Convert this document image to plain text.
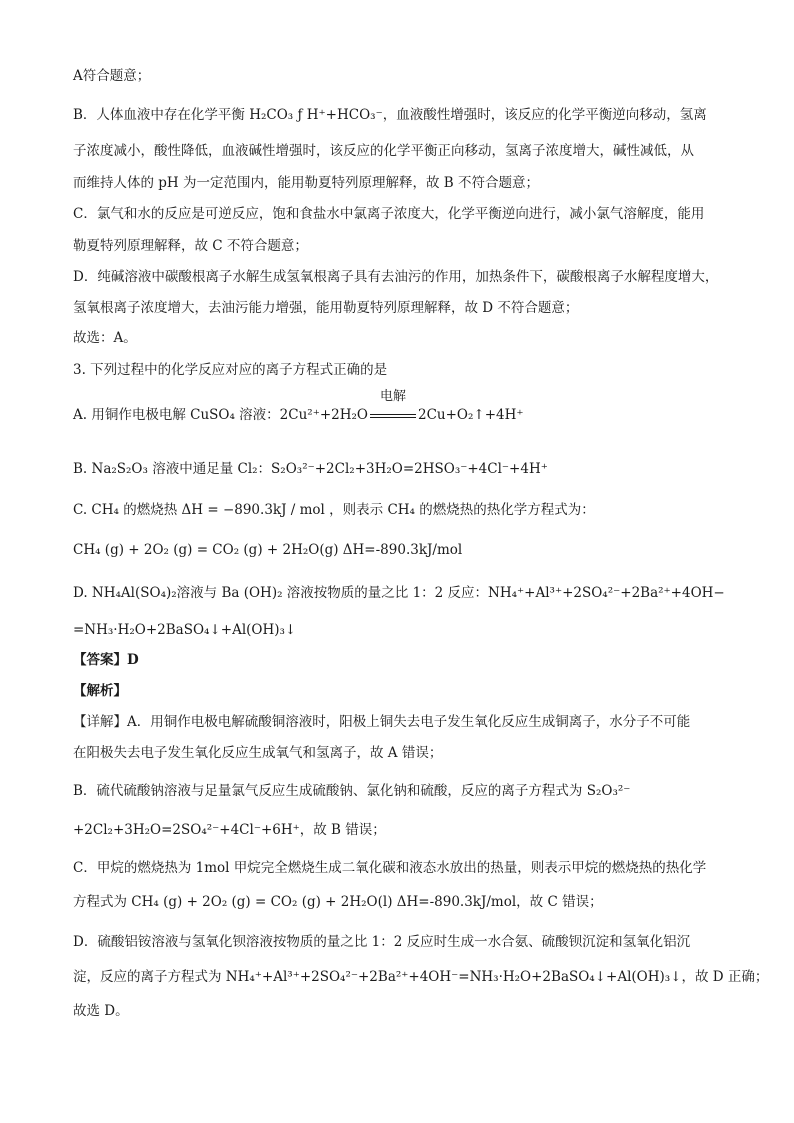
A符合题意；
B．人体血液中存在化学平衡 H₂CO₃ ƒ H⁺+HCO₃⁻，血液酸性增强时，该反应的化学平衡逆向移动，氢离
子浓度减小，酸性降低，血液碱性增强时，该反应的化学平衡正向移动，氢离子浓度增大，碱性减低，从
而维持人体的 pH 为一定范围内，能用勒夏特列原理解释，故 B 不符合题意；
C．氯气和水的反应是可逆反应，饱和食盐水中氯离子浓度大，化学平衡逆向进行，减小氯气溶解度，能用
勒夏特列原理解释，故 C 不符合题意；
D．纯碱溶液中碳酸根离子水解生成氢氧根离子具有去油污的作用，加热条件下，碳酸根离子水解程度增大，
氢氧根离子浓度增大，去油污能力增强，能用勒夏特列原理解释，故 D 不符合题意；
故选：A。
3. 下列过程中的化学反应对应的离子方程式正确的是
A. 用铜作电极电解 CuSO₄ 溶液：2Cu²⁺+2H₂O
电解
2Cu+O₂↑+4H⁺
B. Na₂S₂O₃ 溶液中通足量 Cl₂：S₂O₃²⁻+2Cl₂+3H₂O=2HSO₃⁻+4Cl⁻+4H⁺
C. CH₄ 的燃烧热 ΔH = −890.3kJ / mol ，则表示 CH₄ 的燃烧热的热化学方程式为：
CH₄ (g) + 2O₂ (g) = CO₂ (g) + 2H₂O(g) ΔH=-890.3kJ/mol
D. NH₄Al(SO₄)₂溶液与 Ba (OH)₂ 溶液按物质的量之比 1：2 反应：NH₄⁺+Al³⁺+2SO₄²⁻+2Ba²⁺+4OH−
=NH₃·H₂O+2BaSO₄↓+Al(OH)₃↓
【答案】D
【解析】
【详解】A．用铜作电极电解硫酸铜溶液时，阳极上铜失去电子发生氧化反应生成铜离子，水分子不可能
在阳极失去电子发生氧化反应生成氧气和氢离子，故 A 错误；
B．硫代硫酸钠溶液与足量氯气反应生成硫酸钠、氯化钠和硫酸，反应的离子方程式为 S₂O₃²⁻
+2Cl₂+3H₂O=2SO₄²⁻+4Cl⁻+6H⁺，故 B 错误；
C．甲烷的燃烧热为 1mol 甲烷完全燃烧生成二氧化碳和液态水放出的热量，则表示甲烷的燃烧热的热化学
方程式为 CH₄ (g) + 2O₂ (g) = CO₂ (g) + 2H₂O(l) ΔH=-890.3kJ/mol，故 C 错误；
D．硫酸铝铵溶液与氢氧化钡溶液按物质的量之比 1：2 反应时生成一水合氨、硫酸钡沉淀和氢氧化铝沉
淀，反应的离子方程式为 NH₄⁺+Al³⁺+2SO₄²⁻+2Ba²⁺+4OH⁻=NH₃·H₂O+2BaSO₄↓+Al(OH)₃↓，故 D 正确；
故选 D。
